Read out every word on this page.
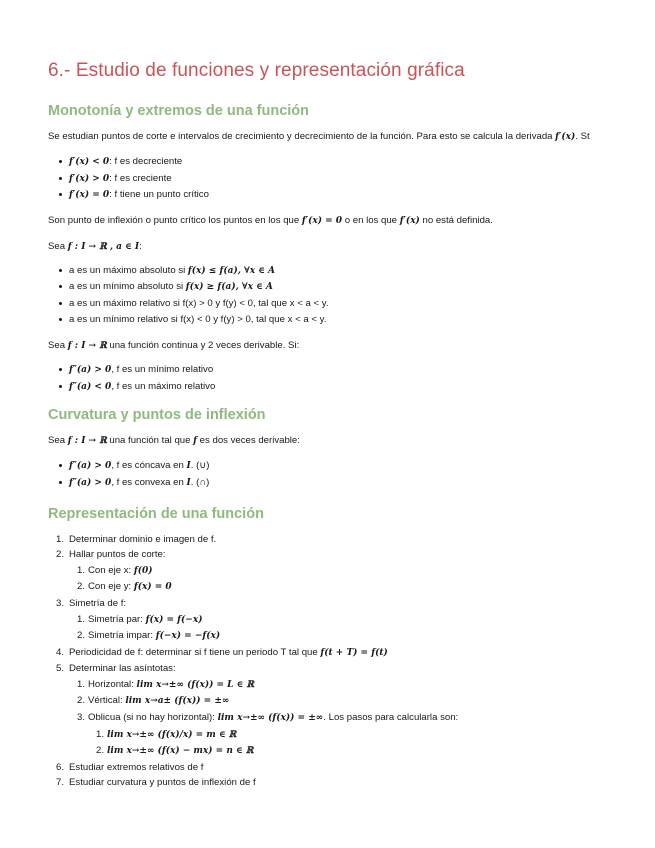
6.- Estudio de funciones y representación gráfica
Monotonía y extremos de una función

Se estudian puntos de corte e intervalos de crecimiento y decrecimiento de la función. Para esto se calcula la derivada f′(x). St

f′(x) < 0: f es decreciente
f′(x) > 0: f es creciente
f′(x) = 0: f tiene un punto crítico

Son punto de inflexión o punto crítico los puntos en los que f′(x) = 0 o en los que f′(x) no está definida.

Sea f : I → ℝ , a ∈ I:

a es un máximo absoluto si f(x) ≤ f(a), ∀x ∈ A
a es un mínimo absoluto si f(x) ≥ f(a), ∀x ∈ A
a es un máximo relativo si f(x) > 0 y f(y) < 0, tal que x < a < y.
a es un mínimo relativo si f(x) < 0 y f(y) > 0, tal que x < a < y.

Sea f : I → ℝ una función continua y 2 veces derivable. Si:

f″(a) > 0, f es un mínimo relativo
f″(a) < 0, f es un máximo relativo
Curvatura y puntos de inflexión

Sea f : I → ℝ una función tal que f es dos veces derivable:

f″(a) > 0, f es cóncava en I. (∪)
f″(a) > 0, f es convexa en I. (∩)
Representación de una función
1. Determinar dominio e imagen de f.
2. Hallar puntos de corte:
1. Con eje x: f(0)
2. Con eje y: f(x) = 0
3. Simetría de f:
1. Simetría par: f(x) = f(−x)
2. Simetría impar: f(−x) = −f(x)
4. Periodicidad de f: determinar si f tiene un periodo T tal que f(t + T) = f(t)
5. Determinar las asíntotas:
1. Horizontal: lim x→±∞ (f(x)) = L ∈ ℝ
2. Vértical: lim x→a± (f(x)) = ±∞
3. Oblicua (si no hay horizontal): lim x→±∞ (f(x)) = ±∞. Los pasos para calcularla son:
1. lim x→±∞ (f(x)/x) = m ∈ ℝ
2. lim x→±∞ (f(x) − mx) = n ∈ ℝ
6. Estudiar extremos relativos de f
7. Estudiar curvatura y puntos de inflexión de f
